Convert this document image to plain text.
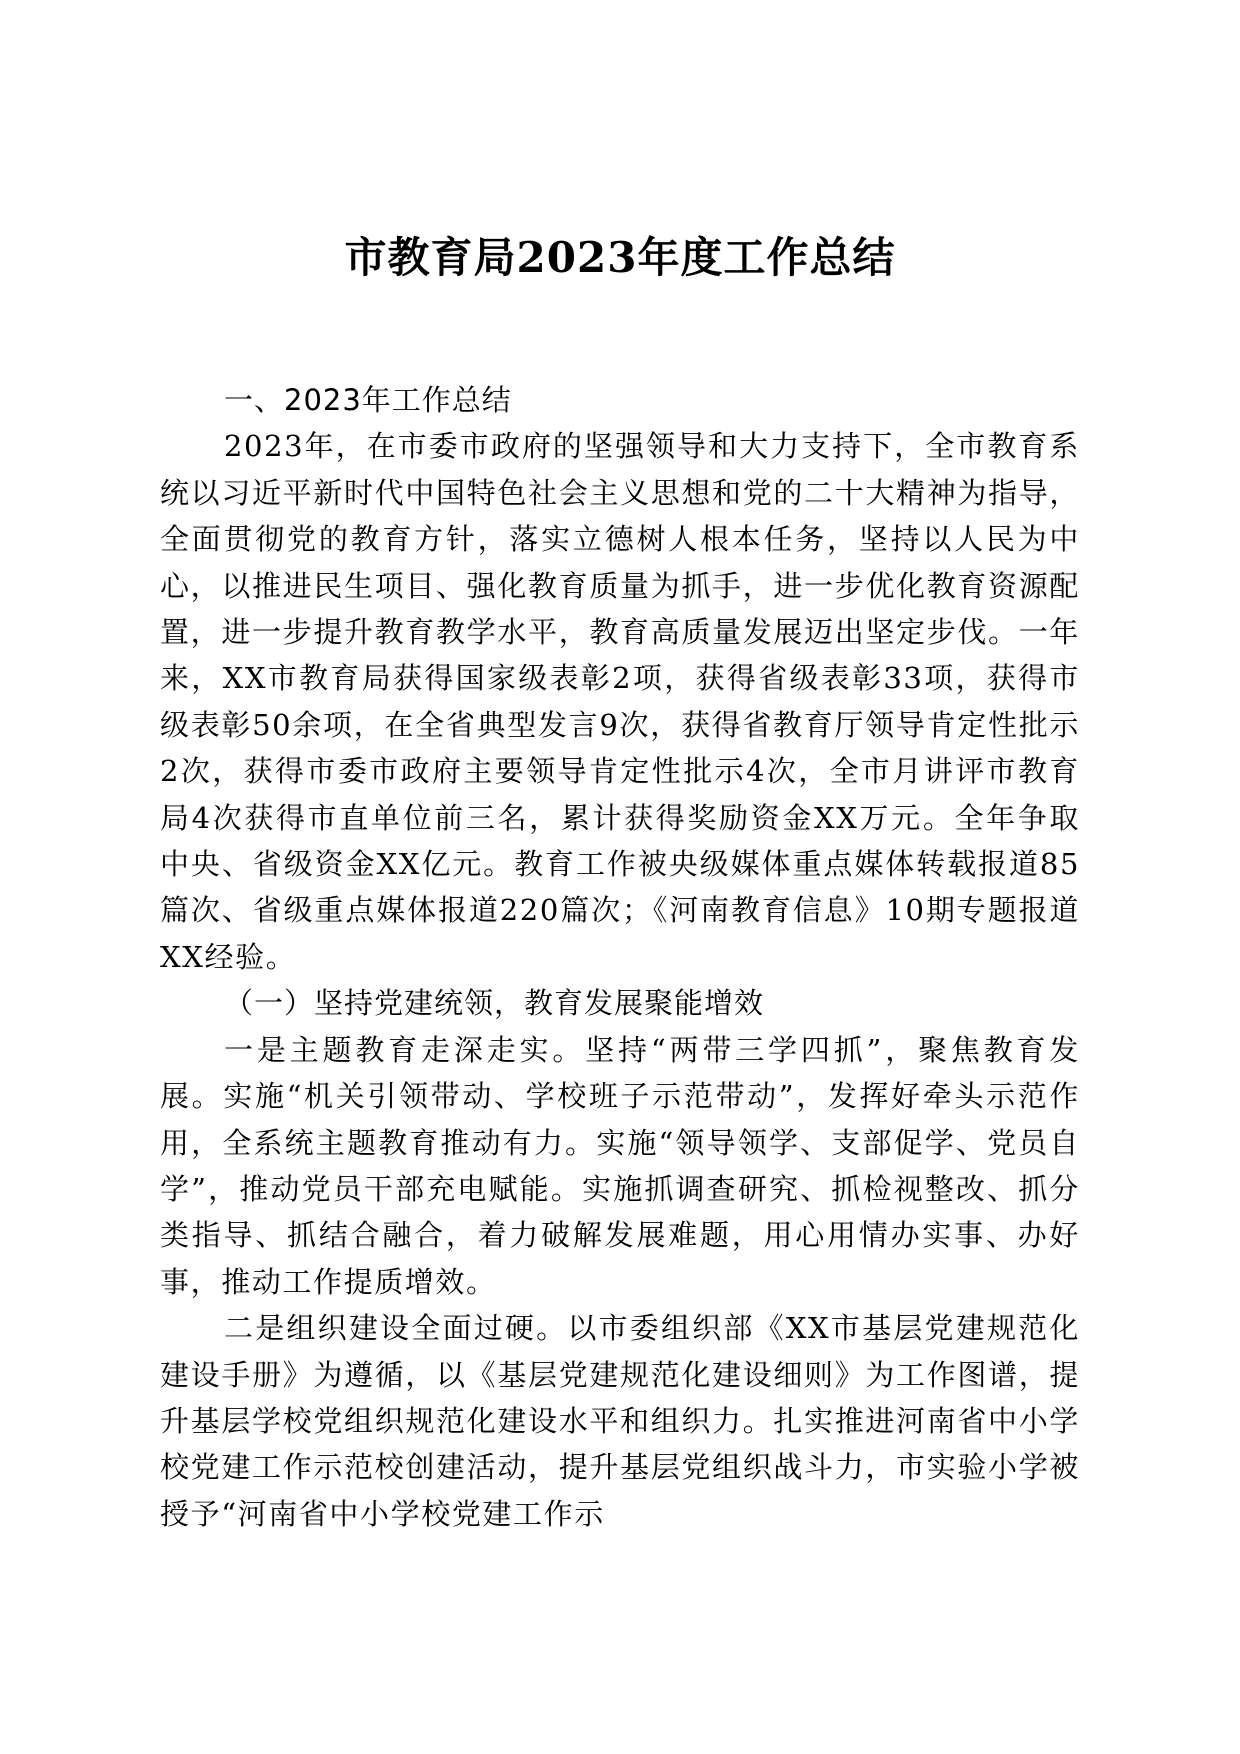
市教育局2023年度工作总结

一、2023年工作总结

2023年，在市委市政府的坚强领导和大力支持下，全市教育系统以习近平新时代中国特色社会主义思想和党的二十大精神为指导，全面贯彻党的教育方针，落实立德树人根本任务，坚持以人民为中心，以推进民生项目、强化教育质量为抓手，进一步优化教育资源配置，进一步提升教育教学水平，教育高质量发展迈出坚定步伐。一年来，XX市教育局获得国家级表彰2项，获得省级表彰33项，获得市级表彰50余项，在全省典型发言9次，获得省教育厅领导肯定性批示2次，获得市委市政府主要领导肯定性批示4次，全市月讲评市教育局4次获得市直单位前三名，累计获得奖励资金XX万元。全年争取中央、省级资金XX亿元。教育工作被央级媒体重点媒体转载报道85篇次、省级重点媒体报道220篇次；《河南教育信息》10期专题报道XX经验。

（一）坚持党建统领，教育发展聚能增效

一是主题教育走深走实。坚持“两带三学四抓”，聚焦教育发展。实施“机关引领带动、学校班子示范带动”，发挥好牵头示范作用，全系统主题教育推动有力。实施“领导领学、支部促学、党员自学”，推动党员干部充电赋能。实施抓调查研究、抓检视整改、抓分类指导、抓结合融合，着力破解发展难题，用心用情办实事、办好事，推动工作提质增效。

二是组织建设全面过硬。以市委组织部《XX市基层党建规范化建设手册》为遵循，以《基层党建规范化建设细则》为工作图谱，提升基层学校党组织规范化建设水平和组织力。扎实推进河南省中小学校党建工作示范校创建活动，提升基层党组织战斗力，市实验小学被授予“河南省中小学校党建工作示
